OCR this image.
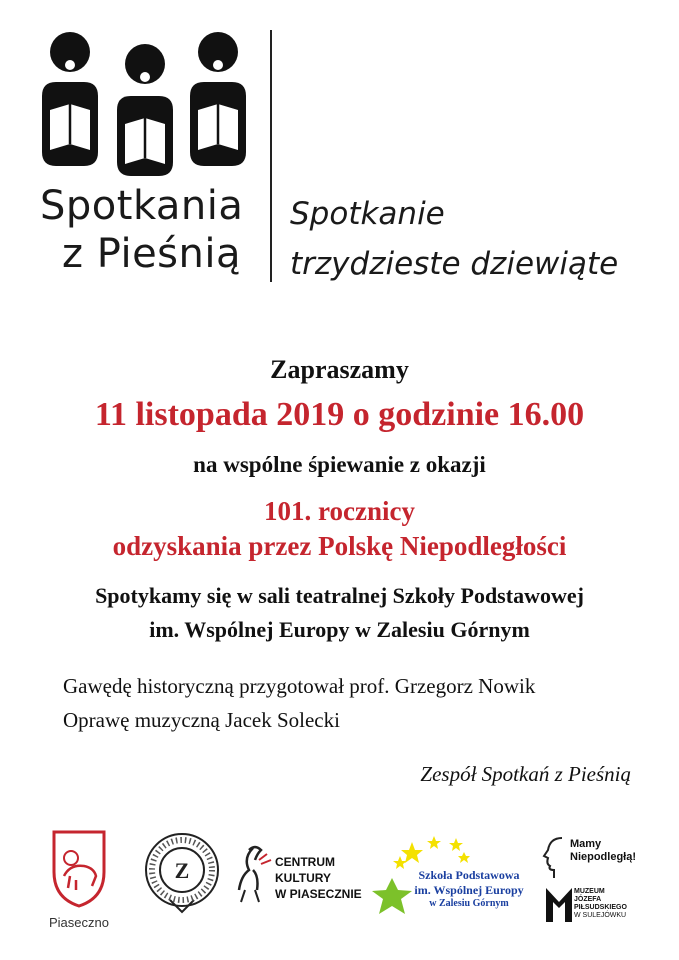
Spotkania
z Pieśnią
Spotkanie
trzydzieste dziewiąte
Zapraszamy
11 listopada 2019 o godzinie 16.00
na wspólne śpiewanie z okazji
101. rocznicy
odzyskania przez Polskę Niepodległości
Spotykamy się w sali teatralnej Szkoły Podstawowej
im. Wspólnej Europy w Zalesiu Górnym
Gawędę historyczną przygotował prof. Grzegorz Nowik
Oprawę muzyczną Jacek Solecki
Zespół Spotkań z Pieśnią
Piaseczno
Z	CENTRUM KULTURY
W PIASECZNIE
Szkoła Podstawowa
im. Wspólnej Europy
w Zalesiu Górnym
Mamy
Niepodległą!
MUZEUM
JÓZEFA
PIŁSUDSKIEGO
W SULEJÓWKU
